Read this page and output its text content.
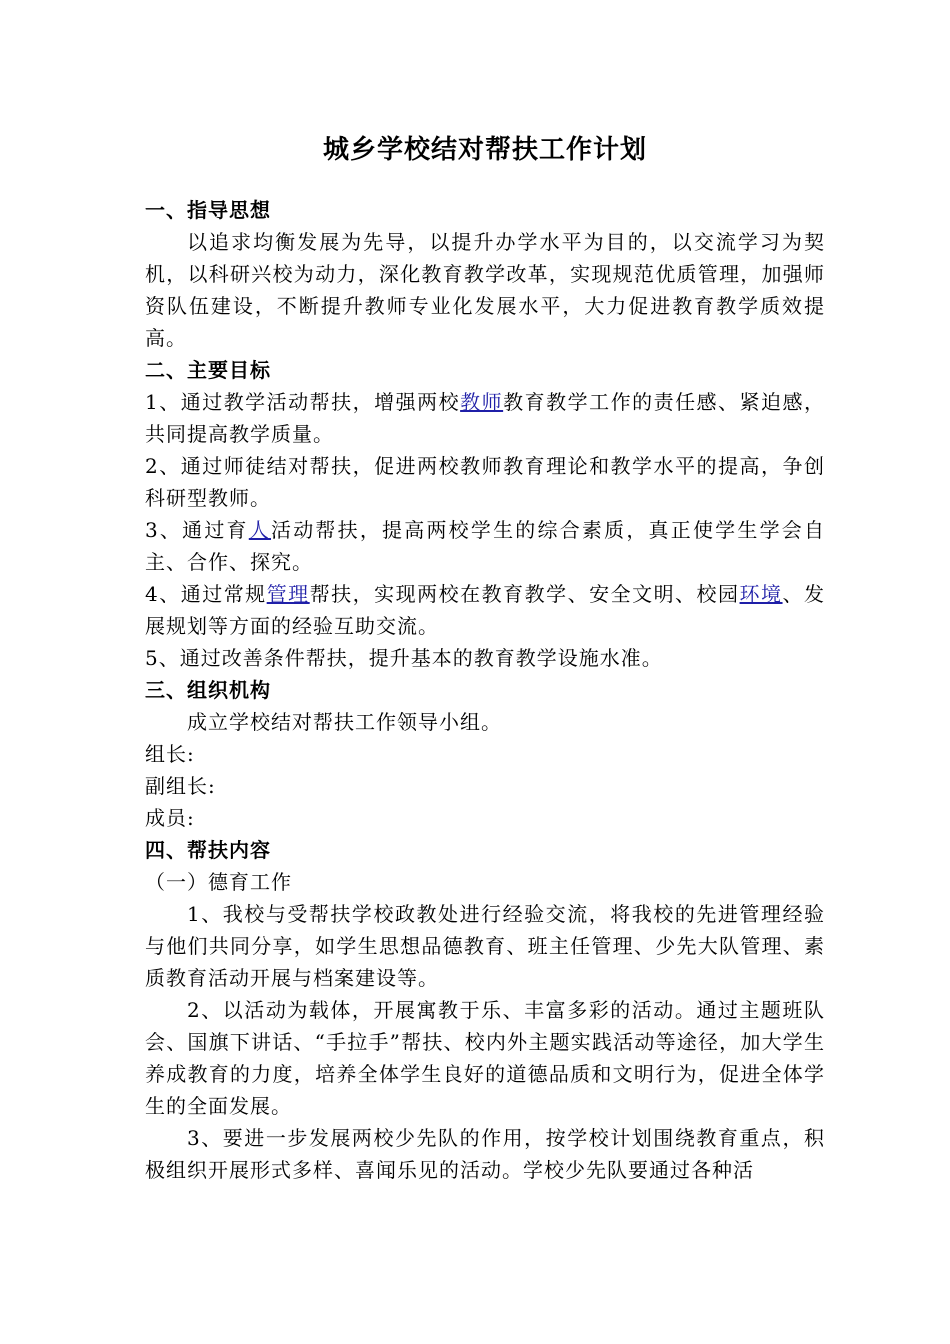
城乡学校结对帮扶工作计划

一、指导思想

以追求均衡发展为先导，以提升办学水平为目的，以交流学习为契机，以科研兴校为动力，深化教育教学改革，实现规范优质管理，加强师资队伍建设，不断提升教师专业化发展水平，大力促进教育教学质效提高。

二、主要目标

1、通过教学活动帮扶，增强两校教师教育教学工作的责任感、紧迫感，共同提高教学质量。

2、通过师徒结对帮扶，促进两校教师教育理论和教学水平的提高，争创科研型教师。

3、通过育人活动帮扶，提高两校学生的综合素质，真正使学生学会自主、合作、探究。

4、通过常规管理帮扶，实现两校在教育教学、安全文明、校园环境、发展规划等方面的经验互助交流。

5、通过改善条件帮扶，提升基本的教育教学设施水准。

三、组织机构

成立学校结对帮扶工作领导小组。

组长:

副组长:

成员:

四、帮扶内容

（一）德育工作

1、我校与受帮扶学校政教处进行经验交流，将我校的先进管理经验与他们共同分享，如学生思想品德教育、班主任管理、少先大队管理、素质教育活动开展与档案建设等。

2、以活动为载体，开展寓教于乐、丰富多彩的活动。通过主题班队会、国旗下讲话、“手拉手”帮扶、校内外主题实践活动等途径，加大学生养成教育的力度，培养全体学生良好的道德品质和文明行为，促进全体学生的全面发展。

3、要进一步发展两校少先队的作用，按学校计划围绕教育重点，积极组织开展形式多样、喜闻乐见的活动。学校少先队要通过各种活
